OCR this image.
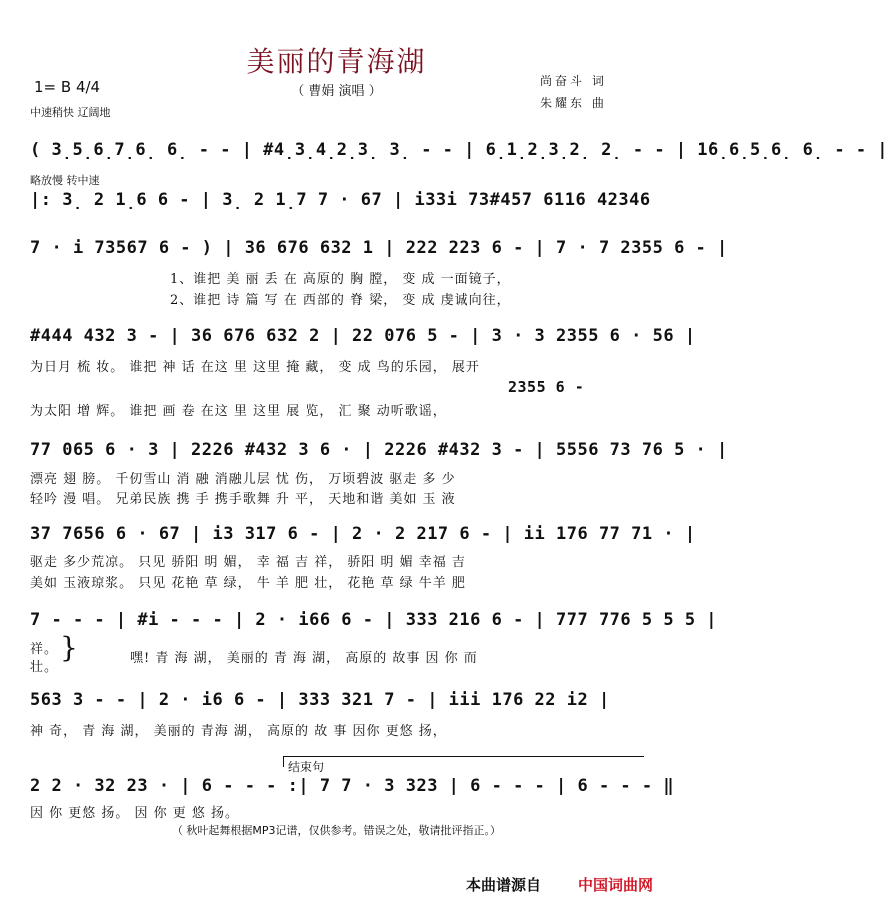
美丽的青海湖
（ 曹娟 演唱 ）
尚奋斗 词
朱耀东 曲
1= B 4/4
中速稍快 辽阔地
( 3̣5̣6̣7̣6̣ 6̣ - - | #4̣3̣4̣2̣3̣ 3̣ - - | 6̣1̣2̣3̣2̣ 2̣ - - | 1̇6̣6̣5̣6̣ 6̣ - - |
略放慢 转中速
|: 3̣ 2 1̣6 6 - | 3̣ 2 1̣7 7 · 67 | i33i 73#457 6116 42346
7 · i 73567 6 - ) | 36 676 632 1 | 222 223 6 - | 7 · 7 2355 6 - |
1、谁把 美 丽 丢 在 高原的 胸 膛， 变 成 一面镜子，
2、谁把 诗 篇 写 在 西部的 脊 梁， 变 成 虔诚向往，
#444 432 3 - | 36 676 632 2 | 22 076 5 - | 3 · 3 2355 6 · 56 |
为日月 梳 妆。 谁把 神 话 在这 里 这里 掩 藏， 变 成 鸟的乐园， 展开
2355 6 -
为太阳 增 辉。 谁把 画 卷 在这 里 这里 展 览， 汇 聚 动听歌谣，
77 065 6 · 3 | 2226 #432 3 6 · | 2226 #432 3 - | 5556 73 76 5 · |
漂亮 翅 膀。 千仞雪山 消 融 消融儿层 忧 伤， 万顷碧波 驱走 多 少
轻吟 漫 唱。 兄弟民族 携 手 携手歌舞 升 平， 天地和谐 美如 玉 液
37 7656 6 · 67 | i3 317 6 - | 2 · 2 217 6 - | ii 176 77 71 · |
驱走 多少荒凉。 只见 骄阳 明 媚， 幸 福 吉 祥， 骄阳 明 媚 幸福 吉
美如 玉液琼浆。 只见 花艳 草 绿， 牛 羊 肥 壮， 花艳 草 绿 牛羊 肥
7 - - - | #i - - - | 2 · i66 6 - | 333 216 6 - | 777 776 5 5 5 |
祥。
壮。
}	嘿! 青 海 湖， 美丽的 青 海 湖， 高原的 故事 因 你 而
563 3 - - | 2 · i6 6 - | 333 321 7 - | iii 176 22 i2 |
神 奇， 青 海 湖， 美丽的 青海 湖， 高原的 故 事 因你 更悠 扬，
结束句
2 2 · 32 23 · | 6 - - - :| 7 7 · 3 323 | 6 - - - | 6 - - - ‖
因 你 更悠 扬。 因 你 更 悠 扬。
（ 秋叶起舞根据MP3记谱，仅供参考。错误之处，敬请批评指正。）
本曲谱源自 中国词曲网
